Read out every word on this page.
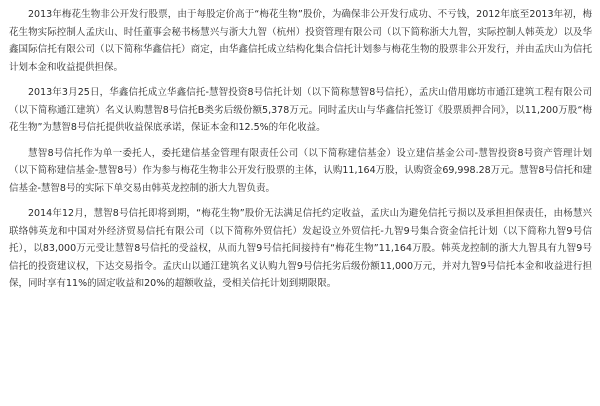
2013年梅花生物非公开发行股票，由于每股定价高于“梅花生物”股价，为确保非公开发行成功、不亏钱，2012年底至2013年初，梅花生物实际控制人孟庆山、时任董事会秘书杨慧兴与浙大九智（杭州）投资管理有限公司（以下简称浙大九智，实际控制人韩英龙）以及华鑫国际信托有限公司（以下简称华鑫信托）商定，由华鑫信托成立结构化集合信托计划参与梅花生物的股票非公开发行，并由孟庆山为信托计划本金和收益提供担保。

2013年3月25日，华鑫信托成立华鑫信托-慧智投资8号信托计划（以下简称慧智8号信托），孟庆山借用廊坊市通江建筑工程有限公司（以下简称通江建筑）名义认购慧智8号信托B类劣后级份额5,378万元。同时孟庆山与华鑫信托签订《股票质押合同》，以11,200万股“梅花生物”为慧智8号信托提供收益保底承诺，保证本金和12.5%的年化收益。

慧智8号信托作为单一委托人，委托建信基金管理有限责任公司（以下简称建信基金）设立建信基金公司-慧智投资8号资产管理计划（以下简称建信基金-慧智8号）作为参与梅花生物非公开发行股票的主体，认购11,164万股，认购资金69,998.28万元。慧智8号信托和建信基金-慧智8号的实际下单交易由韩英龙控制的浙大九智负责。

2014年12月，慧智8号信托即将到期，“梅花生物”股价无法满足信托约定收益，孟庆山为避免信托亏损以及承担担保责任，由杨慧兴联络韩英龙和中国对外经济贸易信托有限公司（以下简称外贸信托）发起设立外贸信托-九智9号集合资金信托计划（以下简称九智9号信托），以83,000万元受让慧智8号信托的受益权，从而九智9号信托间接持有“梅花生物”11,164万股。韩英龙控制的浙大九智具有九智9号信托的投资建议权，下达交易指令。孟庆山以通江建筑名义认购九智9号信托劣后级份额11,000万元，并对九智9号信托本金和收益进行担保，同时享有11%的固定收益和20%的超额收益，受相关信托计划到期限限。
